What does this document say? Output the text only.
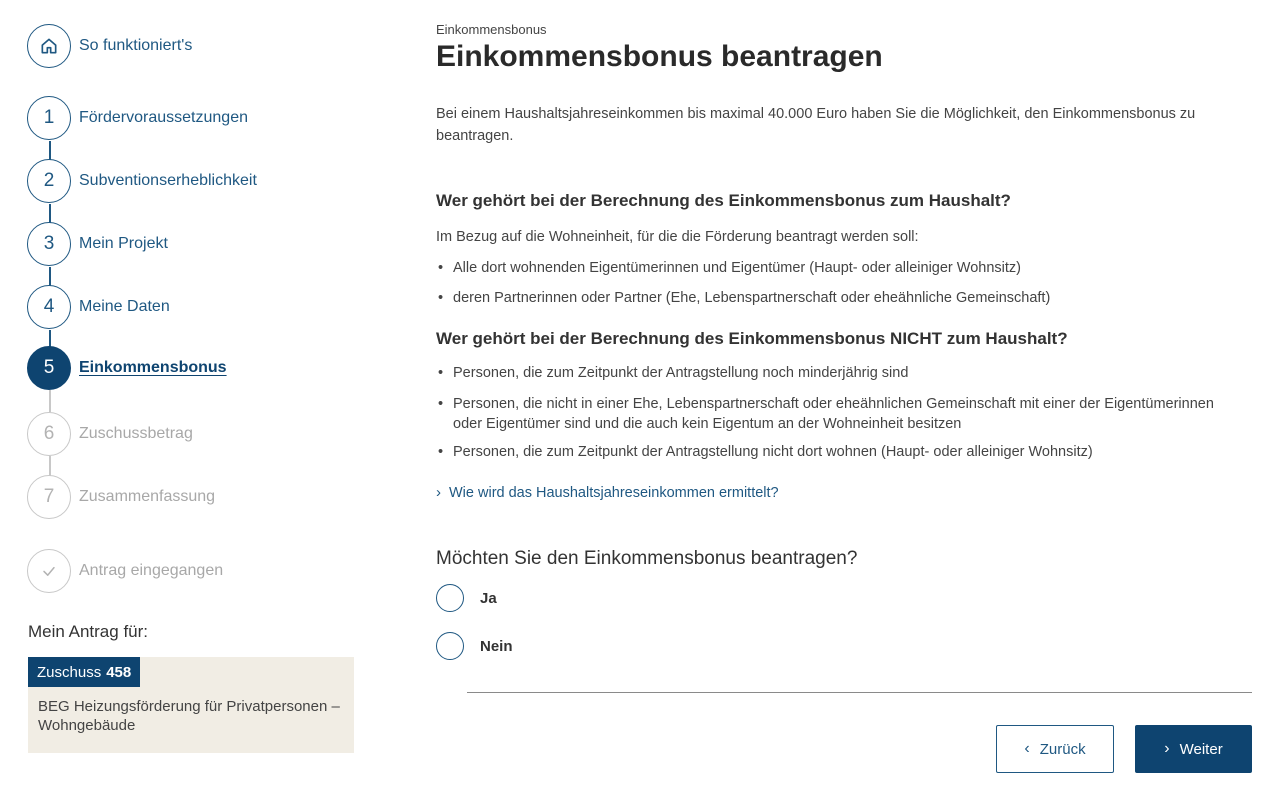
So funktioniert's
1	Fördervoraussetzungen
2	Subventionserheblichkeit
3	Mein Projekt
4	Meine Daten
5	Einkommensbonus
6	Zuschussbetrag
7	Zusammenfassung
Antrag eingegangen
Mein Antrag für:
Zuschuss 458
BEG Heizungsförderung für Privatpersonen – Wohngebäude
Einkommensbonus
Einkommensbonus beantragen

Bei einem Haushaltsjahreseinkommen bis maximal 40.000 Euro haben Sie die Möglichkeit, den Einkommensbonus zu beantragen.

Wer gehört bei der Berechnung des Einkommensbonus zum Haushalt?
Im Bezug auf die Wohneinheit, für die die Förderung beantragt werden soll:
• Alle dort wohnenden Eigentümerinnen und Eigentümer (Haupt- oder alleiniger Wohnsitz)
• deren Partnerinnen oder Partner (Ehe, Lebenspartnerschaft oder eheähnliche Gemeinschaft)
Wer gehört bei der Berechnung des Einkommensbonus NICHT zum Haushalt?
• Personen, die zum Zeitpunkt der Antragstellung noch minderjährig sind
• Personen, die nicht in einer Ehe, Lebenspartnerschaft oder eheähnlichen Gemeinschaft mit einer der Eigentümerinnen oder Eigentümer sind und die auch kein Eigentum an der Wohneinheit besitzen
• Personen, die zum Zeitpunkt der Antragstellung nicht dort wohnen (Haupt- oder alleiniger Wohnsitz)
› Wie wird das Haushaltsjahreseinkommen ermittelt?
Möchten Sie den Einkommensbonus beantragen?
Ja
Nein
‹ Zurück	› Weiter
